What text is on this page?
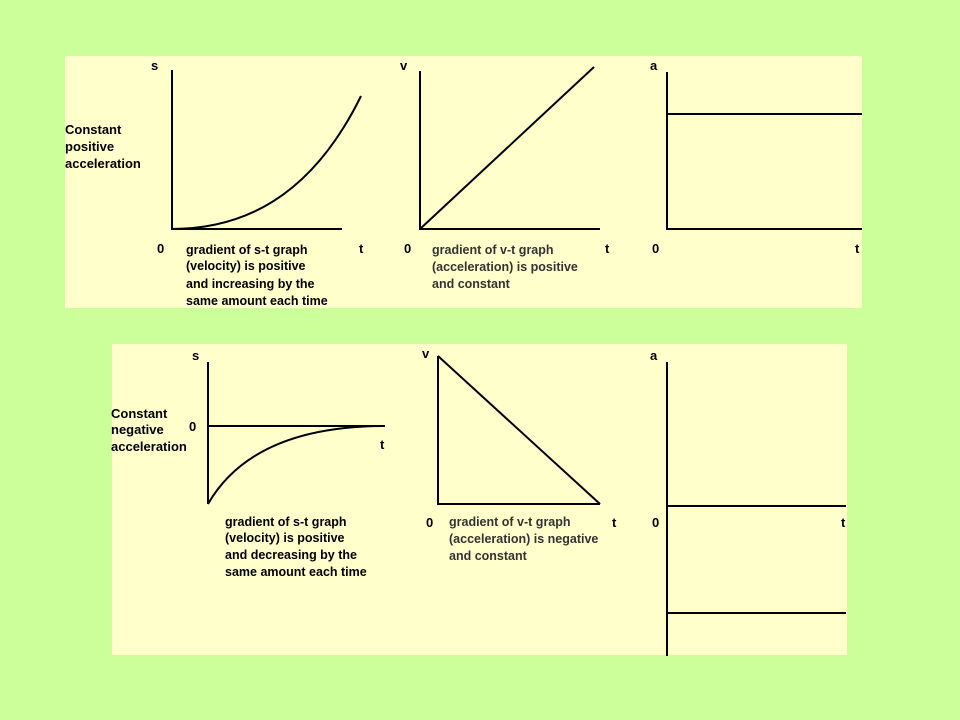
Constant positive acceleration
s
0	t
gradient of s-t graph (velocity) is positive and increasing by the same amount each time
v
0	t
gradient of v-t graph (acceleration) is positive and constant
a
0	t
Constant negative acceleration
s
0
t
gradient of s-t graph (velocity) is positive and decreasing by the same amount each time
v
0	t
gradient of v-t graph (acceleration) is negative and constant
a
0	t
